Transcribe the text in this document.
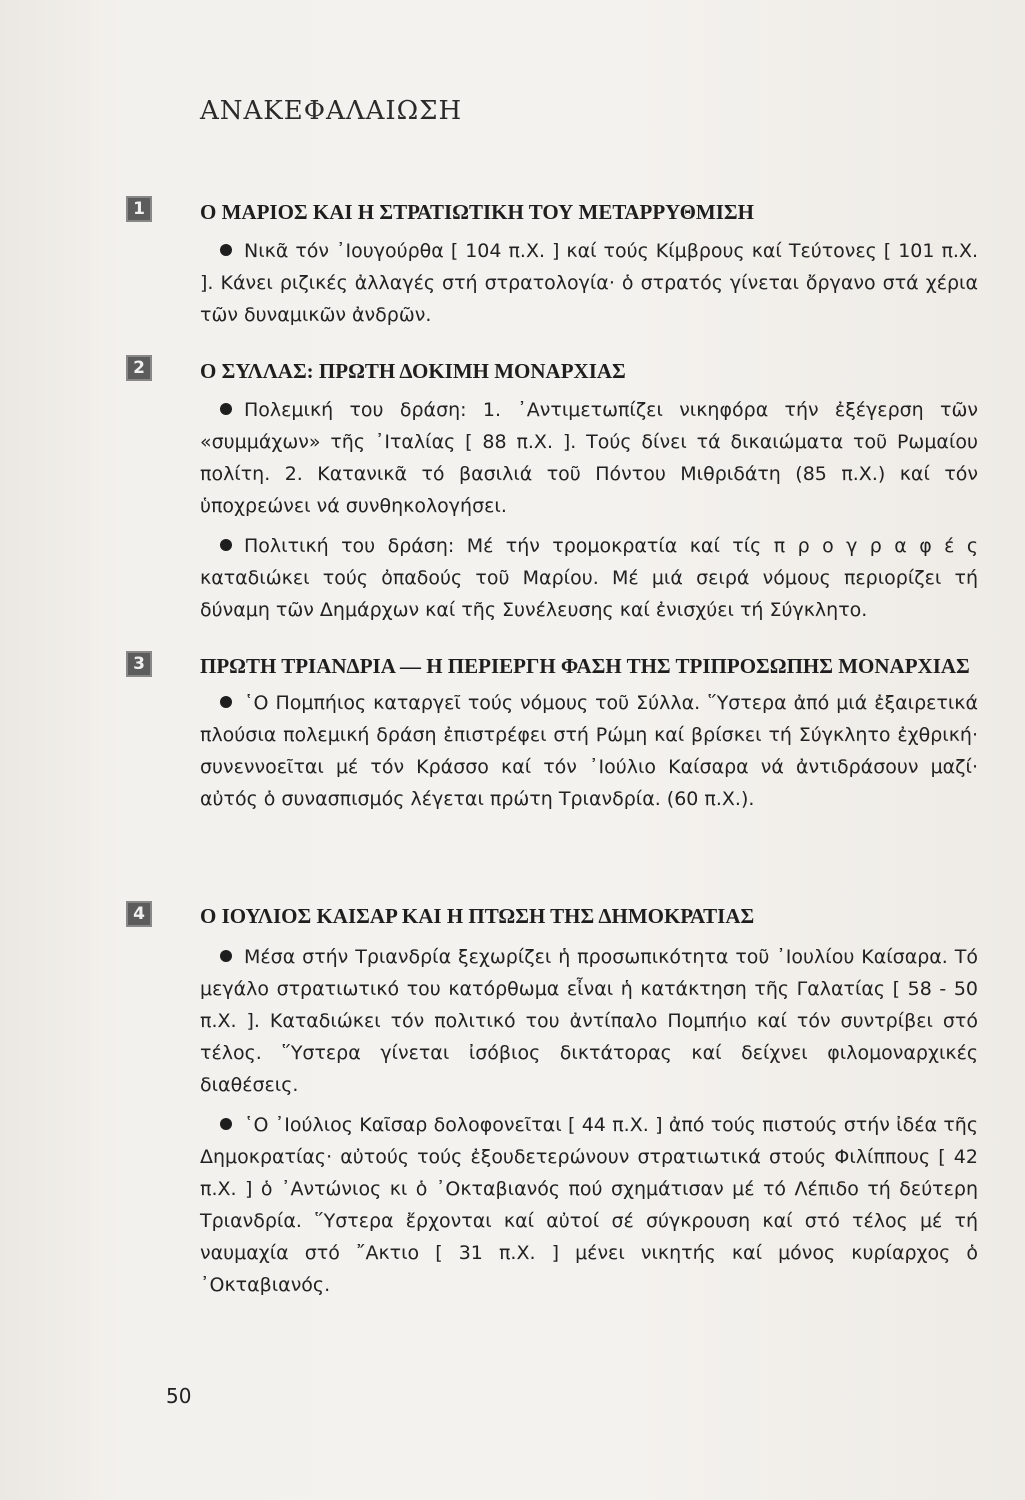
ΑΝΑΚΕΦΑΛΑΙΩΣΗ
1	Ο ΜΑΡΙΟΣ ΚΑΙ Η ΣΤΡΑΤΙΩΤΙΚΗ ΤΟΥ ΜΕΤΑΡΡΥΘΜΙΣΗ

Νικᾶ τόν ᾿Ιουγούρθα [ 104 π.Χ. ] καί τούς Κίμβρους καί Τεύτονες [ 101 π.Χ. ]. Κάνει ριζικές ἀλλαγές στή στρατολογία· ὁ στρατός γίνεται ὄργανο στά χέρια τῶν δυναμικῶν ἀνδρῶν.

2	Ο ΣΥΛΛΑΣ: ΠΡΩΤΗ ΔΟΚΙΜΗ ΜΟΝΑΡΧΙΑΣ

Πολεμική του δράση: 1. ᾿Αντιμετωπίζει νικηφόρα τήν ἐξέγερση τῶν «συμμάχων» τῆς ᾿Ιταλίας [ 88 π.Χ. ]. Τούς δίνει τά δικαιώματα τοῦ Ρωμαίου πολίτη. 2. Κατανικᾶ τό βασιλιά τοῦ Πόντου Μιθριδάτη (85 π.Χ.) καί τόν ὑποχρεώνει νά συνθηκολογήσει.

Πολιτική του δράση: Μέ τήν τρομοκρατία καί τίς π ρ ο γ ρ α φ έ ς καταδιώκει τούς ὀπαδούς τοῦ Μαρίου. Μέ μιά σειρά νόμους περιορίζει τή δύναμη τῶν Δημάρχων καί τῆς Συνέλευσης καί ἐνισχύει τή Σύγκλητο.

3	ΠΡΩΤΗ ΤΡΙΑΝΔΡΙΑ — Η ΠΕΡΙΕΡΓΗ ΦΑΣΗ ΤΗΣ ΤΡΙΠΡΟΣΩΠΗΣ ΜΟΝΑΡΧΙΑΣ

῾Ο Πομπήιος καταργεῖ τούς νόμους τοῦ Σύλλα. ῞Υστερα ἀπό μιά ἐξαιρετικά πλούσια πολεμική δράση ἐπιστρέφει στή Ρώμη καί βρίσκει τή Σύγκλητο ἐχθρική· συνεννοεῖται μέ τόν Κράσσο καί τόν ᾿Ιούλιο Καίσαρα νά ἀντιδράσουν μαζί· αὐτός ὁ συνασπισμός λέγεται πρώτη Τριανδρία. (60 π.Χ.).

4	Ο ΙΟΥΛΙΟΣ ΚΑΙΣΑΡ ΚΑΙ Η ΠΤΩΣΗ ΤΗΣ ΔΗΜΟΚΡΑΤΙΑΣ

Μέσα στήν Τριανδρία ξεχωρίζει ἡ προσωπικότητα τοῦ ᾿Ιουλίου Καίσαρα. Τό μεγάλο στρατιωτικό του κατόρθωμα εἶναι ἡ κατάκτηση τῆς Γαλατίας [ 58 - 50 π.Χ. ]. Καταδιώκει τόν πολιτικό του ἀντίπαλο Πομπήιο καί τόν συντρίβει στό τέλος. ῞Υστερα γίνεται ἰσόβιος δικτάτορας καί δείχνει φιλομοναρχικές διαθέσεις.

῾Ο ᾿Ιούλιος Καῖσαρ δολοφονεῖται [ 44 π.Χ. ] ἀπό τούς πιστούς στήν ἰδέα τῆς Δημοκρατίας· αὐτούς τούς ἐξουδετερώνουν στρατιωτικά στούς Φιλίππους [ 42 π.Χ. ] ὁ ᾿Αντώνιος κι ὁ ᾿Οκταβιανός πού σχημάτισαν μέ τό Λέπιδο τή δεύτερη Τριανδρία. ῞Υστερα ἔρχονται καί αὐτοί σέ σύγκρουση καί στό τέλος μέ τή ναυμαχία στό ῎Ακτιο [ 31 π.Χ. ] μένει νικητής καί μόνος κυρίαρχος ὁ ᾿Οκταβιανός.

50
